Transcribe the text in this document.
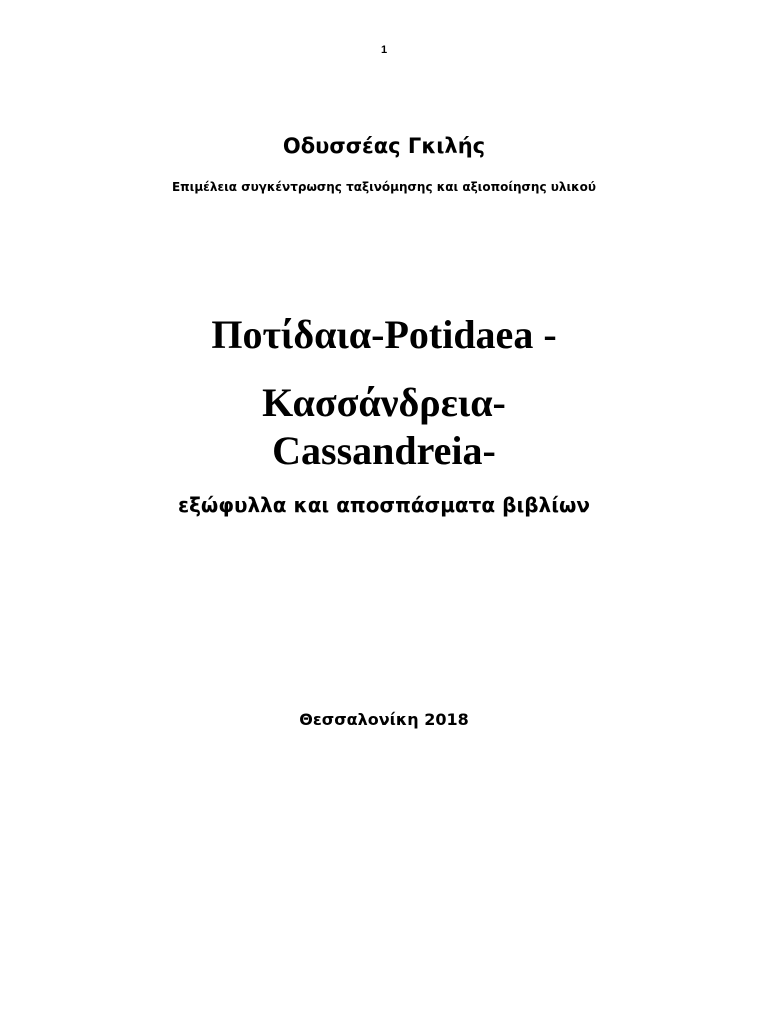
1
Οδυσσέας Γκιλής
Επιμέλεια συγκέντρωσης ταξινόμησης και αξιοποίησης υλικού
Ποτίδαια-Potidaea -
Κασσάνδρεια-
Cassandreia-
εξώφυλλα και αποσπάσματα βιβλίων
Θεσσαλονίκη 2018
